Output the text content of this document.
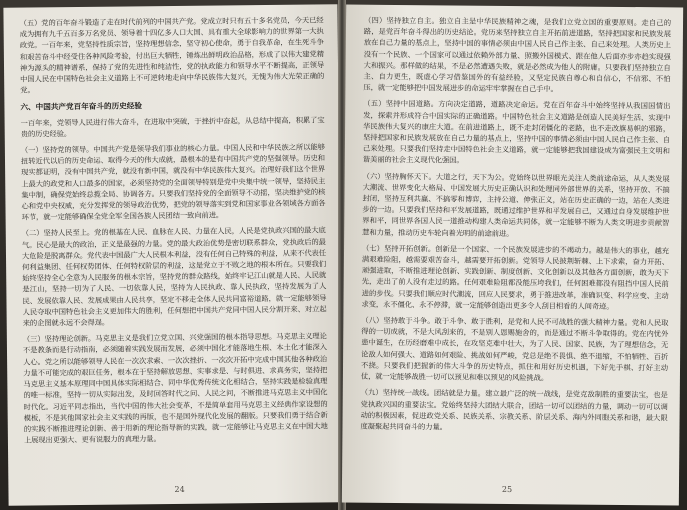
（五）党的百年奋斗锻造了走在时代前列的中国共产党。党成立时只有五十多名党员，今天已经成为拥有九千五百多万名党员、领导着十四亿多人口大国、具有重大全球影响力的世界第一大执政党。一百年来，党坚持性质宗旨，坚持理想信念，坚守初心使命，勇于自我革命，在生死斗争和艰苦奋斗中经受住各种风险考验，付出巨大牺牲，锤炼出鲜明政治品格，形成了以伟大建党精神为源头的精神谱系，保持了党的先进性和纯洁性，党的执政能力和领导水平不断提高，正领导中国人民在中国特色社会主义道路上不可逆转地走向中华民族伟大复兴，无愧为伟大光荣正确的党。

六、中国共产党百年奋斗的历史经验

一百年来，党领导人民进行伟大奋斗，在进取中突破，于挫折中奋起，从总结中提高，积累了宝贵的历史经验。

（一）坚持党的领导。中国共产党是领导我们事业的核心力量。中国人民和中华民族之所以能够扭转近代以后的历史命运、取得今天的伟大成就，最根本的是有中国共产党的坚强领导。历史和现实都证明，没有中国共产党，就没有新中国，就没有中华民族伟大复兴。治理好我们这个世界上最大的政党和人口最多的国家，必须坚持党的全面领导特别是党中央集中统一领导，坚持民主集中制，确保党始终总揽全局、协调各方。只要我们坚持党的全面领导不动摇，坚决维护党的核心和党中央权威，充分发挥党的领导政治优势，把党的领导落实到党和国家事业各领域各方面各环节，就一定能够确保全党全军全国各族人民团结一致向前进。

（二）坚持人民至上。党的根基在人民、血脉在人民、力量在人民，人民是党执政兴国的最大底气。民心是最大的政治，正义是最强的力量。党的最大政治优势是密切联系群众，党执政后的最大危险是脱离群众。党代表中国最广大人民根本利益，没有任何自己特殊的利益，从来不代表任何利益集团、任何权势团体、任何特权阶层的利益，这是党立于不败之地的根本所在。只要我们始终坚持全心全意为人民服务的根本宗旨，坚持党的群众路线，始终牢记江山就是人民、人民就是江山，坚持一切为了人民、一切依靠人民，坚持为人民执政、靠人民执政，坚持发展为了人民、发展依靠人民、发展成果由人民共享，坚定不移走全体人民共同富裕道路，就一定能够领导人民夺取中国特色社会主义更加伟大的胜利，任何想把中国共产党同中国人民分割开来、对立起来的企图就永远不会得逞。

（三）坚持理论创新。马克思主义是我们立党立国、兴党强国的根本指导思想。马克思主义理论不是教条而是行动指南，必须随着实践发展而发展，必须中国化才能落地生根、本土化才能深入人心。党之所以能够领导人民在一次次求索、一次次挫折、一次次开拓中完成中国其他各种政治力量不可能完成的艰巨任务，根本在于坚持解放思想、实事求是、与时俱进、求真务实，坚持把马克思主义基本原理同中国具体实际相结合、同中华优秀传统文化相结合，坚持实践是检验真理的唯一标准，坚持一切从实际出发，及时回答时代之问、人民之问，不断推进马克思主义中国化时代化。习近平同志指出，当代中国的伟大社会变革，不是简单套用马克思主义经典作家设想的模板，不是其他国家社会主义实践的再版，也不是国外现代化发展的翻版。只要我们勇于结合新的实践不断推进理论创新、善于用新的理论指导新的实践，就一定能够让马克思主义在中国大地上展现出更强大、更有说服力的真理力量。

24

（四）坚持独立自主。独立自主是中华民族精神之魂，是我们立党立国的重要原则。走自己的路，是党百年奋斗得出的历史结论。党历来坚持独立自主开拓前进道路，坚持把国家和民族发展放在自己力量的基点上，坚持中国的事情必须由中国人民自己作主张、自己来处理。人类历史上没有一个民族、一个国家可以通过依赖外部力量、照搬外国模式、跟在他人后面亦步亦趋实现强大和振兴。那样做的结果，不是必然遭遇失败，就是必然成为他人的附庸。只要我们坚持独立自主、自力更生，既虚心学习借鉴国外的有益经验，又坚定民族自尊心和自信心，不信邪、不怕压，就一定能够把中国发展进步的命运牢牢掌握在自己手中。

（五）坚持中国道路。方向决定道路，道路决定命运。党在百年奋斗中始终坚持从我国国情出发，探索并形成符合中国实际的正确道路。中国特色社会主义道路是创造人民美好生活、实现中华民族伟大复兴的康庄大道。在前进道路上，既不走封闭僵化的老路，也不走改旗易帜的邪路，坚持把国家和民族发展放在自己力量的基点上，坚持中国的事情必须由中国人民自己作主张、自己来处理。只要我们坚持走中国特色社会主义道路，就一定能够把我国建设成为富强民主文明和谐美丽的社会主义现代化强国。

（六）坚持胸怀天下。大道之行，天下为公。党始终以世界眼光关注人类前途命运，从人类发展大潮流、世界变化大格局、中国发展大历史正确认识和处理同外部世界的关系，坚持开放、不搞封闭，坚持互利共赢、不搞零和博弈，主持公道、伸张正义，站在历史正确的一边，站在人类进步的一边。只要我们坚持和平发展道路，既通过维护世界和平发展自己，又通过自身发展维护世界和平，同世界各国人民一道推动构建人类命运共同体，就一定能够不断为人类文明进步贡献智慧和力量，推动历史车轮向着光明的前途前进。

（七）坚持开拓创新。创新是一个国家、一个民族发展进步的不竭动力。越是伟大的事业，越充满艰难险阻，越需要艰苦奋斗，越需要开拓创新。党领导人民披荆斩棘、上下求索，奋力开拓、顽强进取，不断推进理论创新、实践创新、制度创新、文化创新以及其他各方面创新，敢为天下先，走出了前人没有走过的路。任何艰难险阻都没能压垮我们，任何困难都没有阻挡中国人民前进的步伐。只要我们顺应时代潮流，回应人民要求，勇于推进改革，准确识变、科学应变、主动求变，永不僵化、永不停滞，就一定能够创造出更多令人刮目相看的人间奇迹。

（八）坚持敢于斗争。敢于斗争、敢于胜利，是党和人民不可战胜的强大精神力量。党和人民取得的一切成就，不是大风刮来的，不是别人恩赐施舍的，而是通过不断斗争取得的。党在内忧外患中诞生，在历经磨难中成长，在攻坚克难中壮大，为了人民、国家、民族，为了理想信念，无论敌人如何强大、道路如何艰险、挑战如何严峻，党总是绝不畏惧、绝不退缩，不怕牺牲、百折不挠。只要我们把握新的伟大斗争的历史特点，抓住和用好历史机遇，下好先手棋、打好主动仗，就一定能够战胜一切可以预见和难以预见的风险挑战。

（九）坚持统一战线。团结就是力量。建立最广泛的统一战线，是党克敌制胜的重要法宝，也是党执政兴国的重要法宝。党始终坚持大团结大联合，团结一切可以团结的力量，调动一切可以调动的积极因素，促进政党关系、民族关系、宗教关系、阶层关系、海内外同胞关系和谐，最大限度凝聚起共同奋斗的力量。

25
